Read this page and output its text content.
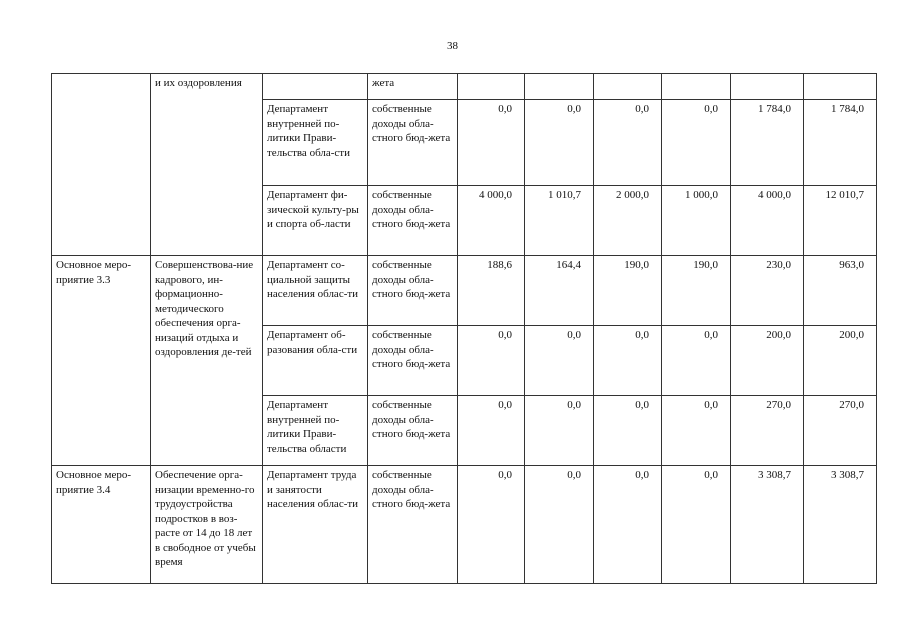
38
	и их оздоровления		жета						
		Департамент внутренней по-литики Прави-тельства обла-сти	собственные доходы обла-стного бюд-жета	0,0	0,0	0,0	0,0	1 784,0	1 784,0
		Департамент фи-зической культу-ры и спорта об-ласти	собственные доходы обла-стного бюд-жета	4 000,0	1 010,7	2 000,0	1 000,0	4 000,0	12 010,7
Основное меро-приятие 3.3	Совершенствова-ние кадрового, ин-формационно-методического обеспечения орга-низаций отдыха и оздоровления де-тей	Департамент со-циальной защиты населения облас-ти	собственные доходы обла-стного бюд-жета	188,6	164,4	190,0	190,0	230,0	963,0
		Департамент об-разования обла-сти	собственные доходы обла-стного бюд-жета	0,0	0,0	0,0	0,0	200,0	200,0
		Департамент внутренней по-литики Прави-тельства области	собственные доходы обла-стного бюд-жета	0,0	0,0	0,0	0,0	270,0	270,0
Основное меро-приятие 3.4	Обеспечение орга-низации временно-го трудоустройства подростков в воз-расте от 14 до 18 лет в свободное от учебы время	Департамент труда и занятости населения облас-ти	собственные доходы обла-стного бюд-жета	0,0	0,0	0,0	0,0	3 308,7	3 308,7
